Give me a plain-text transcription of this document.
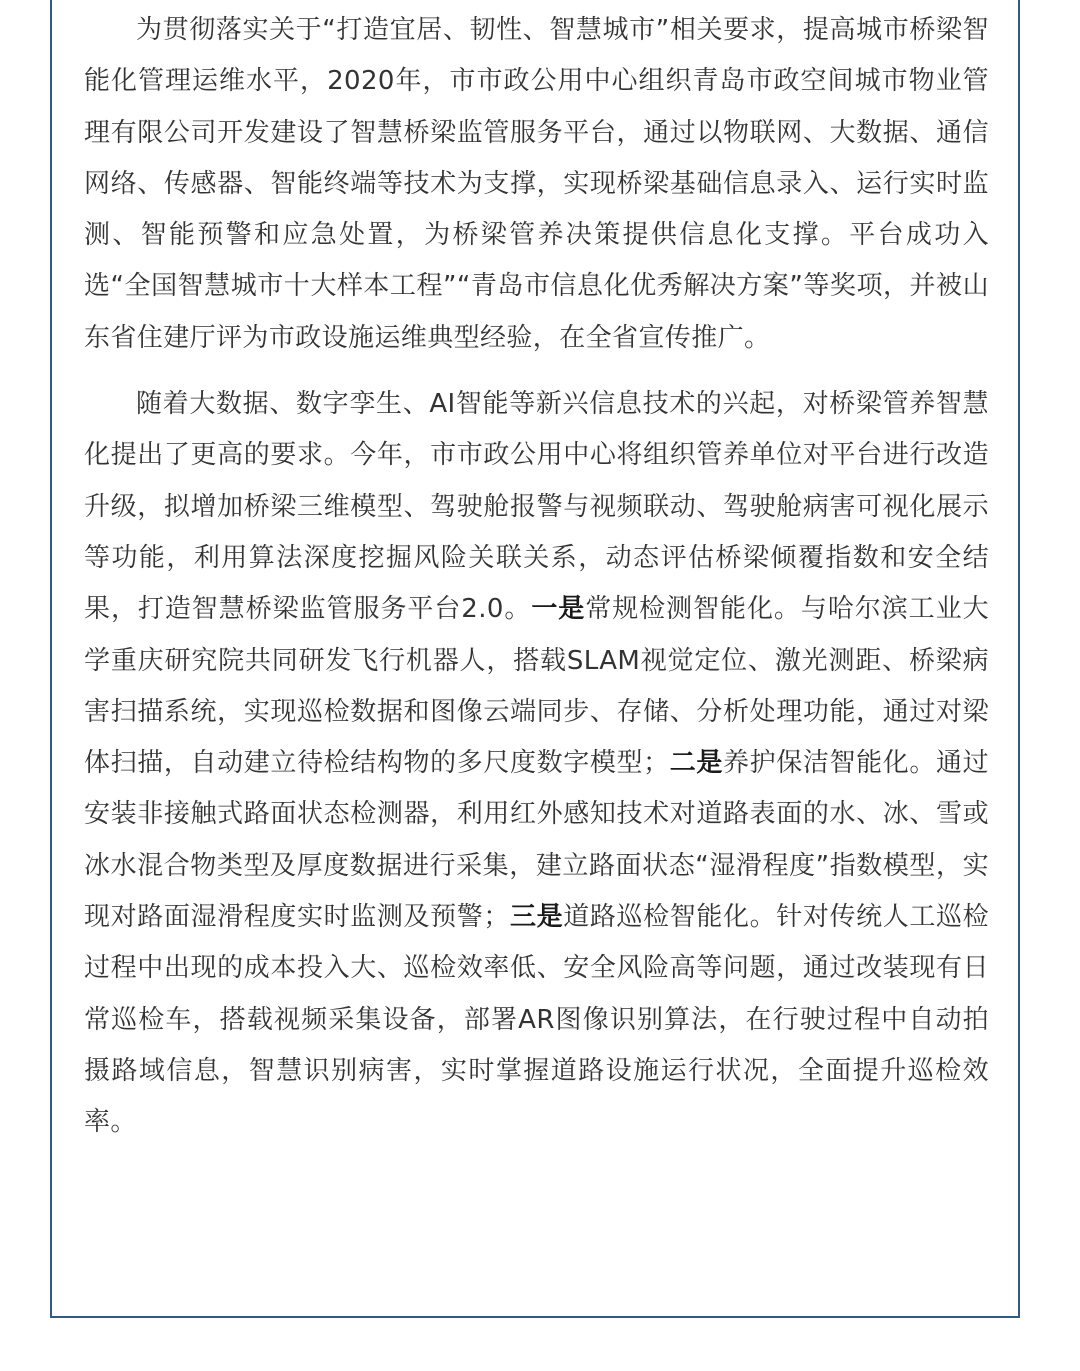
为贯彻落实关于“打造宜居、韧性、智慧城市”相关要求，提高城市桥梁智能化管理运维水平，2020年，市市政公用中心组织青岛市政空间城市物业管理有限公司开发建设了智慧桥梁监管服务平台，通过以物联网、大数据、通信网络、传感器、智能终端等技术为支撑，实现桥梁基础信息录入、运行实时监测、智能预警和应急处置，为桥梁管养决策提供信息化支撑。平台成功入选“全国智慧城市十大样本工程”“青岛市信息化优秀解决方案”等奖项，并被山东省住建厅评为市政设施运维典型经验，在全省宣传推广。

随着大数据、数字孪生、AI智能等新兴信息技术的兴起，对桥梁管养智慧化提出了更高的要求。今年，市市政公用中心将组织管养单位对平台进行改造升级，拟增加桥梁三维模型、驾驶舱报警与视频联动、驾驶舱病害可视化展示等功能，利用算法深度挖掘风险关联关系，动态评估桥梁倾覆指数和安全结果，打造智慧桥梁监管服务平台2.0。一是常规检测智能化。与哈尔滨工业大学重庆研究院共同研发飞行机器人，搭载SLAM视觉定位、激光测距、桥梁病害扫描系统，实现巡检数据和图像云端同步、存储、分析处理功能，通过对梁体扫描，自动建立待检结构物的多尺度数字模型；二是养护保洁智能化。通过安装非接触式路面状态检测器，利用红外感知技术对道路表面的水、冰、雪或冰水混合物类型及厚度数据进行采集，建立路面状态“湿滑程度”指数模型，实现对路面湿滑程度实时监测及预警；三是道路巡检智能化。针对传统人工巡检过程中出现的成本投入大、巡检效率低、安全风险高等问题，通过改装现有日常巡检车，搭载视频采集设备，部署AR图像识别算法，在行驶过程中自动拍摄路域信息，智慧识别病害，实时掌握道路设施运行状况，全面提升巡检效率。
